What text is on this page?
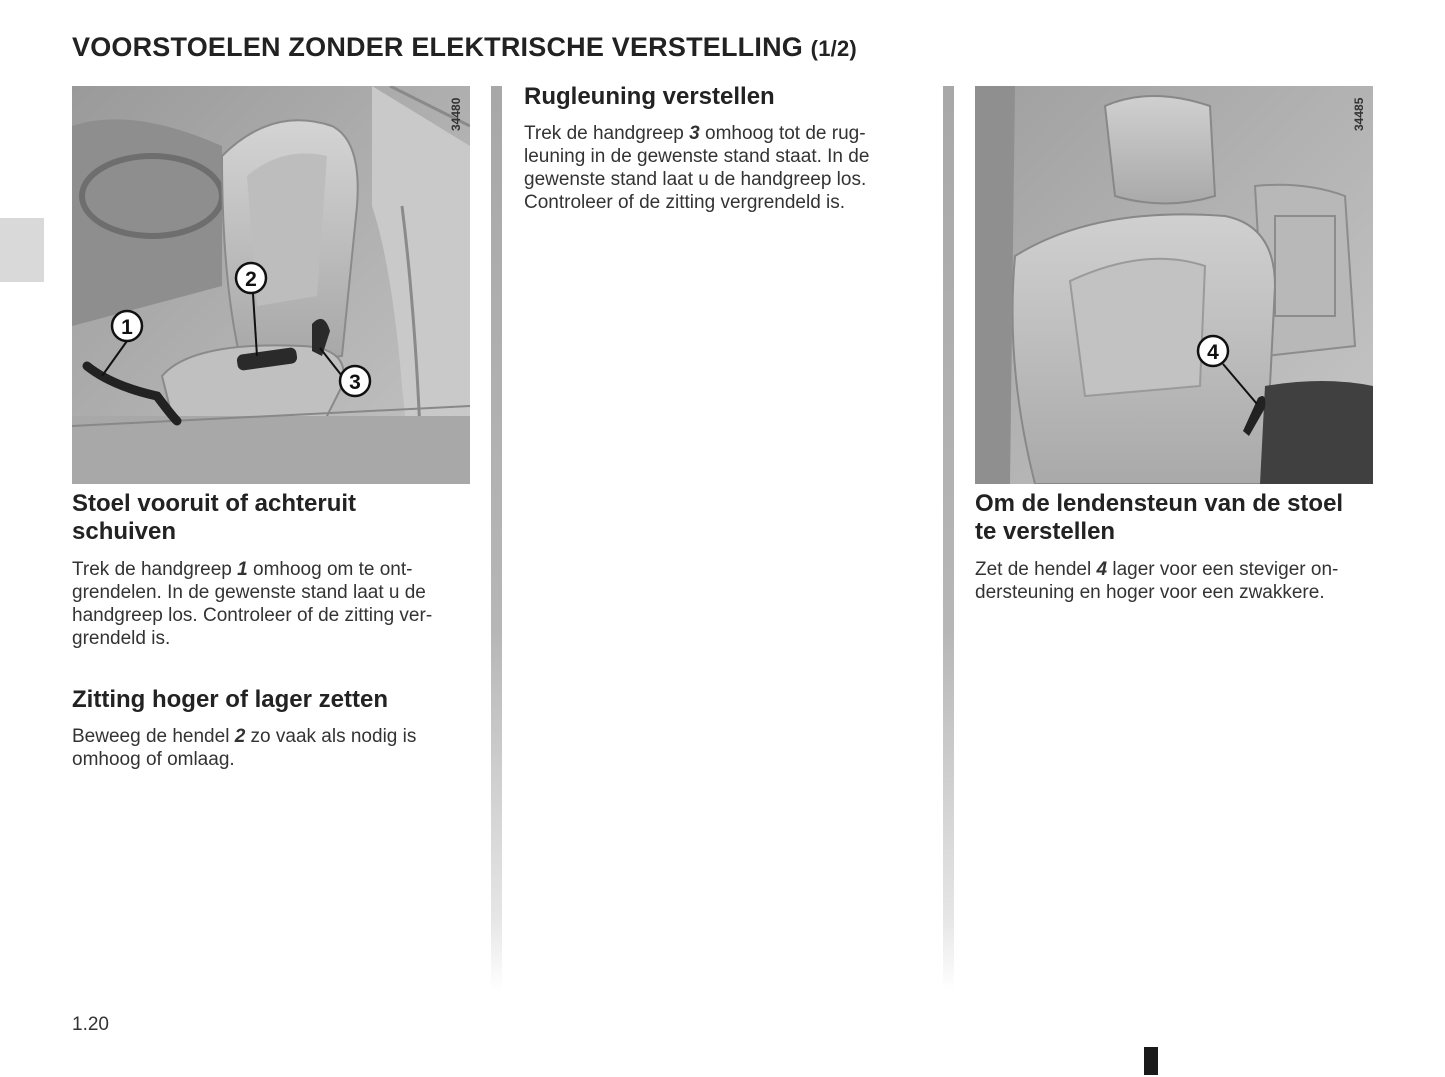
VOORSTOELEN ZONDER ELEKTRISCHE VERSTELLING (1/2)
34480
1
2
3
Stoel vooruit of achteruit
schuiven

Trek de handgreep 1 omhoog om te ont-
grendelen. In de gewenste stand laat u de
handgreep los. Controleer of de zitting ver-
grendeld is.

Zitting hoger of lager zetten

Beweeg de hendel 2 zo vaak als nodig is
omhoog of omlaag.

Rugleuning verstellen

Trek de handgreep 3 omhoog tot de rug-
leuning in de gewenste stand staat. In de
gewenste stand laat u de handgreep los.
Controleer of de zitting vergrendeld is.

34485
4
Om de lendensteun van de stoel
te verstellen

Zet de hendel 4 lager voor een steviger on-
dersteuning en hoger voor een zwakkere.

1.20
